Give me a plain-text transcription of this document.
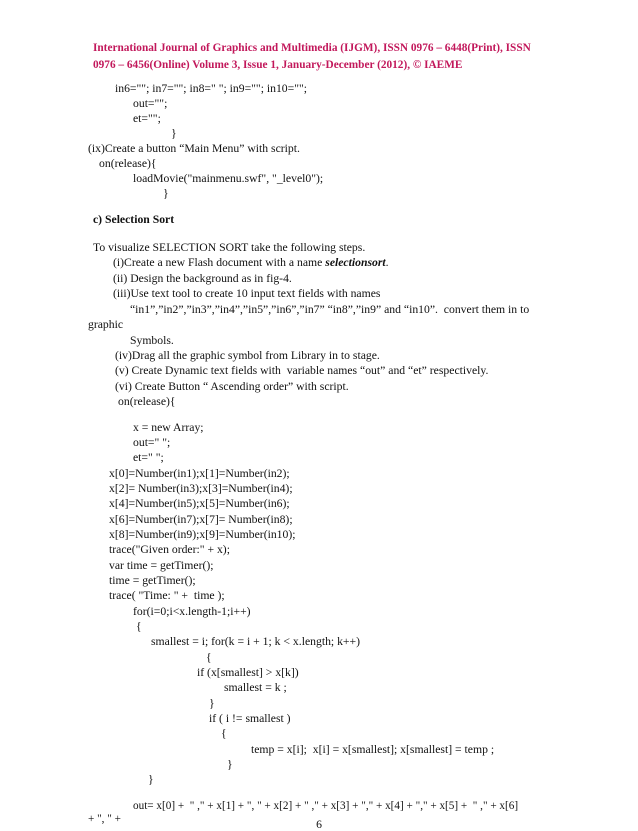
International Journal of Graphics and Multimedia (IJGM), ISSN 0976 – 6448(Print), ISSN
0976 – 6456(Online) Volume 3, Issue 1, January-December (2012), © IAEME
in6=""; in7=""; in8=" "; in9=""; in10="";
out="";
et="";
}
(ix)Create a button “Main Menu” with script.
on(release){
loadMovie("mainmenu.swf", "_level0");
}
c) Selection Sort
To visualize SELECTION SORT take the following steps.
(i)Create a new Flash document with a name selectionsort.
(ii) Design the background as in fig-4.
(iii)Use text tool to create 10 input text fields with names
“in1”,”in2”,”in3”,”in4”,”in5”,”in6”,”in7” “in8”,”in9” and “in10”.  convert them in to
graphic
Symbols.
(iv)Drag all the graphic symbol from Library in to stage.
(v) Create Dynamic text fields with  variable names “out” and “et” respectively.
(vi) Create Button “ Ascending order” with script.
on(release){
x = new Array;
out=" ";
et=" ";
x[0]=Number(in1);x[1]=Number(in2);
x[2]= Number(in3);x[3]=Number(in4);
x[4]=Number(in5);x[5]=Number(in6);
x[6]=Number(in7);x[7]= Number(in8);
x[8]=Number(in9);x[9]=Number(in10);
trace("Given order:" + x);
var time = getTimer();
time = getTimer();
trace( "Time: " +  time );
for(i=0;i<x.length-1;i++)
{
smallest = i; for(k = i + 1; k < x.length; k++)
{
if (x[smallest] > x[k])
smallest = k ;
}
if ( i != smallest )
{
temp = x[i];  x[i] = x[smallest]; x[smallest] = temp ;
}
}
out= x[0] +  " ," + x[1] + ", " + x[2] + " ," + x[3] + "," + x[4] + "," + x[5] +  " ," + x[6]
+ ", " +	6
